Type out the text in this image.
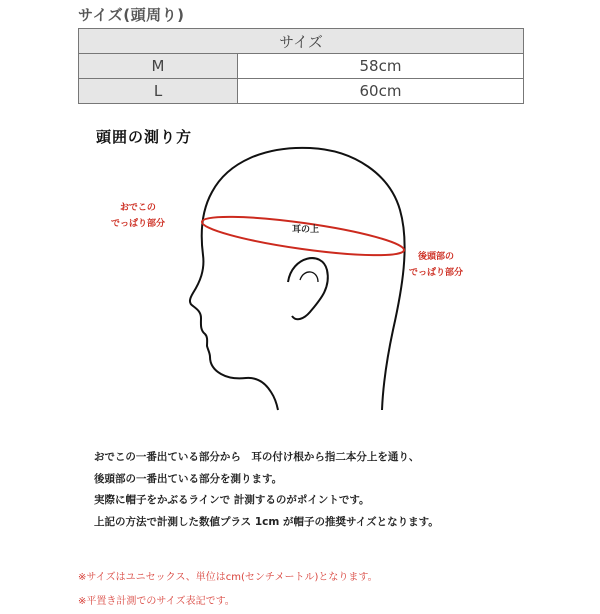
サイズ(頭周り)
サイズ	
M	58cm
L	60cm
頭囲の測り方
おでこの
でっぱり部分
耳の上
後頭部の
でっぱり部分
おでこの一番出ている部分から　耳の付け根から指二本分上を通り、
後頭部の一番出ている部分を測ります。
実際に帽子をかぶるラインで 計測するのがポイントです。
上記の方法で計測した数値プラス 1cm が帽子の推奨サイズとなります。
※サイズはユニセックス、単位はcm(センチメートル)となります。
※平置き計測でのサイズ表記です。
